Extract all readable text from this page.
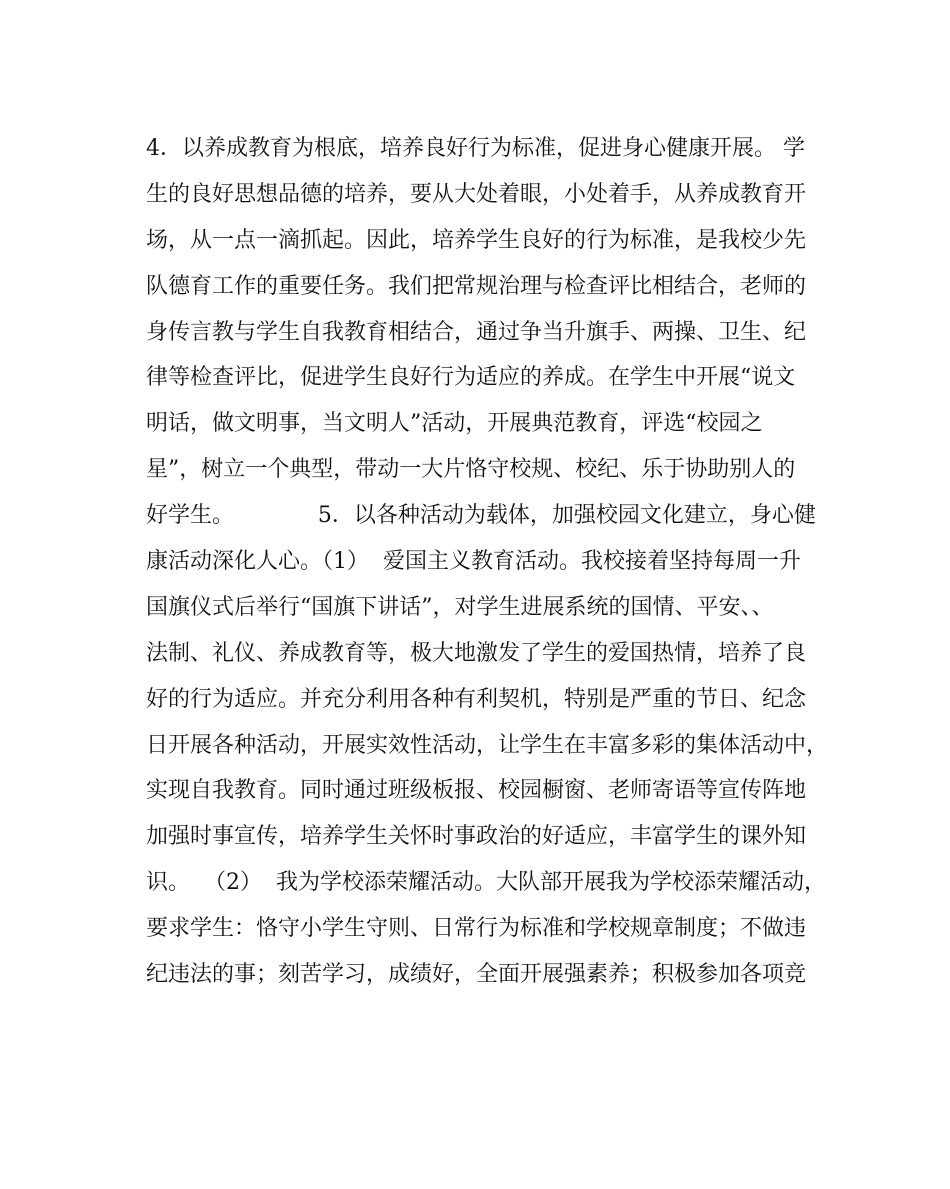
4．以养成教育为根底，培养良好行为标准，促进身心健康开展。 学
生的良好思想品德的培养，要从大处着眼，小处着手，从养成教育开
场，从一点一滴抓起。因此，培养学生良好的行为标准，是我校少先
队德育工作的重要任务。我们把常规治理与检查评比相结合，老师的
身传言教与学生自我教育相结合，通过争当升旗手、两操、卫生、纪
律等检查评比，促进学生良好行为适应的养成。在学生中开展“说文
明话，做文明事，当文明人”活动，开展典范教育，评选“校园之
星”，树立一个典型，带动一大片恪守校规、校纪、乐于协助别人的
好学生。            5．以各种活动为载体，加强校园文化建立，身心健
康活动深化人心。（1）  爱国主义教育活动。我校接着坚持每周一升
国旗仪式后举行“国旗下讲话”，对学生进展系统的国情、平安、、
法制、礼仪、养成教育等，极大地激发了学生的爱国热情，培养了良
好的行为适应。并充分利用各种有利契机，特别是严重的节日、纪念
日开展各种活动，开展实效性活动，让学生在丰富多彩的集体活动中，
实现自我教育。同时通过班级板报、校园橱窗、老师寄语等宣传阵地
加强时事宣传，培养学生关怀时事政治的好适应，丰富学生的课外知
识。  （2）  我为学校添荣耀活动。大队部开展我为学校添荣耀活动，
要求学生：恪守小学生守则、日常行为标准和学校规章制度；不做违
纪违法的事；刻苦学习，成绩好，全面开展强素养；积极参加各项竞
